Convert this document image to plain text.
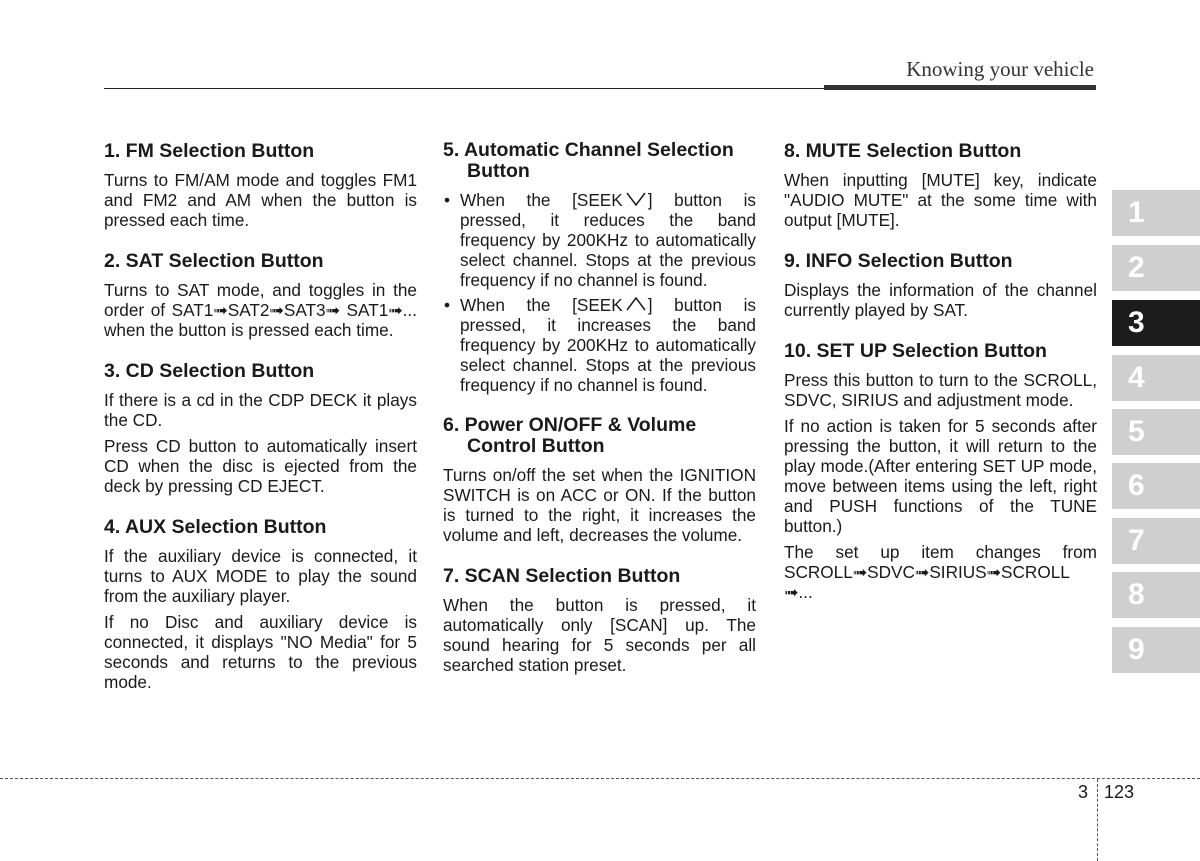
Knowing your vehicle
1. FM Selection Button

Turns to FM/AM mode and toggles FM1 and FM2 and AM when the button is pressed each time.

2. SAT Selection Button

Turns to SAT mode, and toggles in the order of SAT1➟SAT2➟SAT3➟ SAT1➟... when the button is pressed each time.

3. CD Selection Button

If there is a cd in the CDP DECK it plays the CD.

Press CD button to automatically insert CD when the disc is ejected from the deck by pressing CD EJECT.

4. AUX Selection Button

If the auxiliary device is connected, it turns to AUX MODE to play the sound from the auxiliary player.

If no Disc and auxiliary device is connected, it displays "NO Media" for 5 seconds and returns to the previous mode.

5. Automatic Channel Selection Button
• When the [SEEK ] button is pressed, it reduces the band frequency by 200KHz to automatically select channel. Stops at the previous frequency if no channel is found.
• When the [SEEK ] button is pressed, it increases the band frequency by 200KHz to automatically select channel. Stops at the previous frequency if no channel is found.
6. Power ON/OFF & Volume Control Button

Turns on/off the set when the IGNITION SWITCH is on ACC or ON. If the button is turned to the right, it increases the volume and left, decreases the volume.

7. SCAN Selection Button

When the button is pressed, it automatically only [SCAN] up. The sound hearing for 5 seconds per all searched station preset.

8. MUTE Selection Button

When inputting [MUTE] key, indicate "AUDIO MUTE" at the some time with output [MUTE].

9. INFO Selection Button

Displays the information of the channel currently played by SAT.

10. SET UP Selection Button

Press this button to turn to the SCROLL, SDVC, SIRIUS and adjustment mode.

If no action is taken for 5 seconds after pressing the button, it will return to the play mode.(After entering SET UP mode, move between items using the left, right and PUSH functions of the TUNE button.)

The set up item changes from SCROLL➟SDVC➟SIRIUS➟SCROLL ➟...

1
2
3
4
5
6
7
8
9
3 123
